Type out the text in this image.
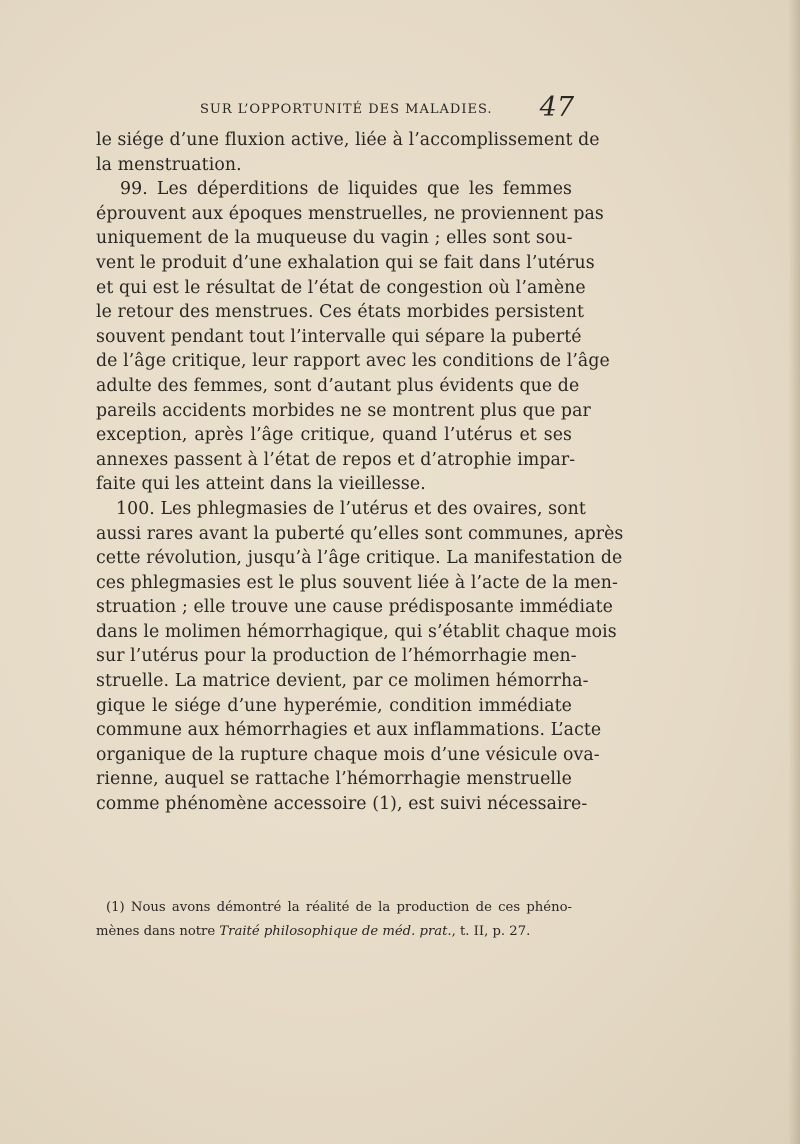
SUR L’OPPORTUNITÉ DES MALADIES. 47
le siége d’une fluxion active, liée à l’accomplissement de
la menstruation.
99. Les déperditions de liquides que les femmes
éprouvent aux époques menstruelles, ne proviennent pas
uniquement de la muqueuse du vagin ; elles sont sou-
vent le produit d’une exhalation qui se fait dans l’utérus
et qui est le résultat de l’état de congestion où l’amène
le retour des menstrues. Ces états morbides persistent
souvent pendant tout l’intervalle qui sépare la puberté
de l’âge critique, leur rapport avec les conditions de l’âge
adulte des femmes, sont d’autant plus évidents que de
pareils accidents morbides ne se montrent plus que par
exception, après l’âge critique, quand l’utérus et ses
annexes passent à l’état de repos et d’atrophie impar-
faite qui les atteint dans la vieillesse.
100. Les phlegmasies de l’utérus et des ovaires, sont
aussi rares avant la puberté qu’elles sont communes, après
cette révolution, jusqu’à l’âge critique. La manifestation de
ces phlegmasies est le plus souvent liée à l’acte de la men-
struation ; elle trouve une cause prédisposante immédiate
dans le molimen hémorrhagique, qui s’établit chaque mois
sur l’utérus pour la production de l’hémorrhagie men-
struelle. La matrice devient, par ce molimen hémorrha-
gique le siége d’une hyperémie, condition immédiate
commune aux hémorrhagies et aux inflammations. L’acte
organique de la rupture chaque mois d’une vésicule ova-
rienne, auquel se rattache l’hémorrhagie menstruelle
comme phénomène accessoire (1), est suivi nécessaire-
(1) Nous avons démontré la réalité de la production de ces phéno-
mènes dans notre Traité philosophique de méd. prat., t. II, p. 27.
